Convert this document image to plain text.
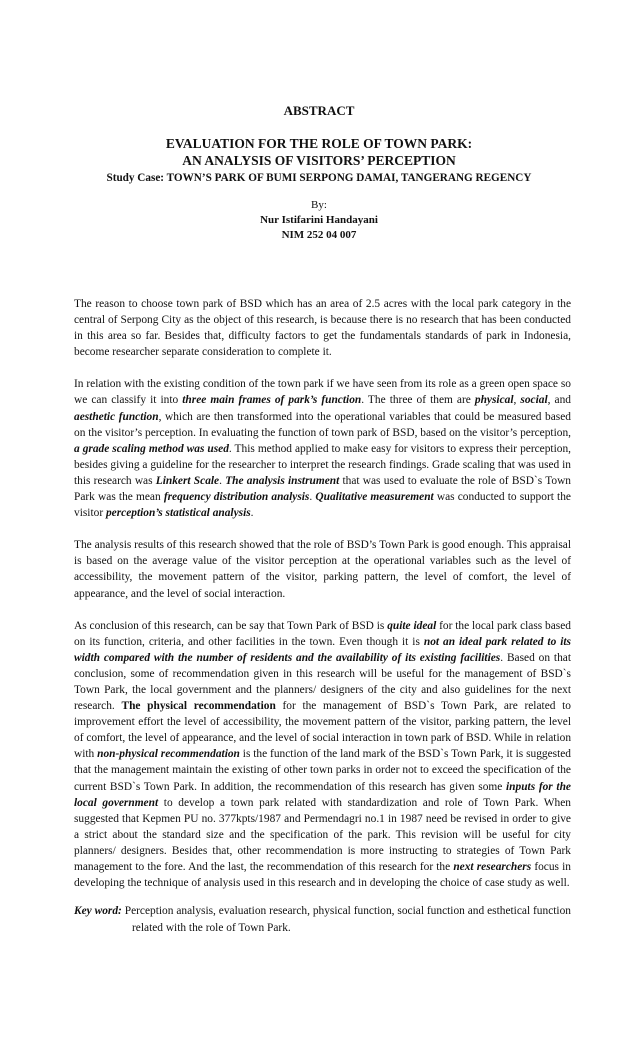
ABSTRACT
EVALUATION FOR THE ROLE OF TOWN PARK:
AN ANALYSIS OF VISITORS’ PERCEPTION
Study Case: TOWN’S PARK OF BUMI SERPONG DAMAI, TANGERANG REGENCY
By:
Nur Istifarini Handayani
NIM 252 04 007

The reason to choose town park of BSD which has an area of 2.5 acres with the local park category in the central of Serpong City as the object of this research, is because there is no research that has been conducted in this area so far. Besides that, difficulty factors to get the fundamentals standards of park in Indonesia, become researcher separate consideration to complete it.

In relation with the existing condition of the town park if we have seen from its role as a green open space so we can classify it into three main frames of park’s function. The three of them are physical, social, and aesthetic function, which are then transformed into the operational variables that could be measured based on the visitor’s perception. In evaluating the function of town park of BSD, based on the visitor’s perception, a grade scaling method was used. This method applied to make easy for visitors to express their perception, besides giving a guideline for the researcher to interpret the research findings. Grade scaling that was used in this research was Linkert Scale. The analysis instrument that was used to evaluate the role of BSD`s Town Park was the mean frequency distribution analysis. Qualitative measurement was conducted to support the visitor perception’s statistical analysis.

The analysis results of this research showed that the role of BSD’s Town Park is good enough. This appraisal is based on the average value of the visitor perception at the operational variables such as the level of accessibility, the movement pattern of the visitor, parking pattern, the level of comfort, the level of appearance, and the level of social interaction.

As conclusion of this research, can be say that Town Park of BSD is quite ideal for the local park class based on its function, criteria, and other facilities in the town. Even though it is not an ideal park related to its width compared with the number of residents and the availability of its existing facilities. Based on that conclusion, some of recommendation given in this research will be useful for the management of BSD`s Town Park, the local government and the planners/ designers of the city and also guidelines for the next research. The physical recommendation for the management of BSD`s Town Park, are related to improvement effort the level of accessibility, the movement pattern of the visitor, parking pattern, the level of comfort, the level of appearance, and the level of social interaction in town park of BSD. While in relation with non-physical recommendation is the function of the land mark of the BSD`s Town Park, it is suggested that the management maintain the existing of other town parks in order not to exceed the specification of the current BSD`s Town Park. In addition, the recommendation of this research has given some inputs for the local government to develop a town park related with standardization and role of Town Park. When suggested that Kepmen PU no. 377kpts/1987 and Permendagri no.1 in 1987 need be revised in order to give a strict about the standard size and the specification of the park. This revision will be useful for city planners/ designers. Besides that, other recommendation is more instructing to strategies of Town Park management to the fore. And the last, the recommendation of this research for the next researchers focus in developing the technique of analysis used in this research and in developing the choice of case study as well.

Key word: Perception analysis, evaluation research, physical function, social function and esthetical function related with the role of Town Park.
